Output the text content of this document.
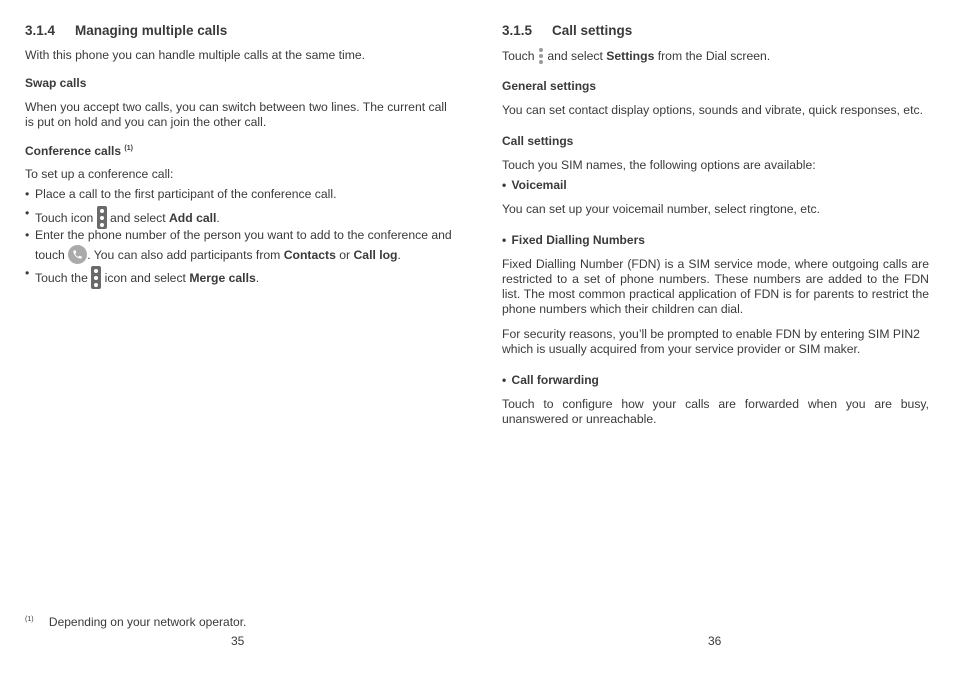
3.1.4 Managing multiple calls

With this phone you can handle multiple calls at the same time.

Swap calls

When you accept two calls, you can switch between two lines. The current call

is put on hold and you can join the other call.

Conference calls $^{(1)}$

To set up a conference call:

• Place a call to the first participant of the conference call.
• Touch icon and select Add call.
• Enter the phone number of the person you want to add to the conference and
touch . You can also add participants from Contacts or Call log.
• Touch the icon and select Merge calls.
$^{(1)}$ Depending on your network operator.
35
3.1.5 Call settings

Touch and select Settings from the Dial screen.

General settings

You can set contact display options, sounds and vibrate, quick responses, etc.

Call settings

Touch you SIM names, the following options are available:

• Voicemail

You can set up your voicemail number, select ringtone, etc.

• Fixed Dialling Numbers

Fixed Dialling Number (FDN) is a SIM service mode, where outgoing calls are restricted to a set of phone numbers. These numbers are added to the FDN list. The most common practical application of FDN is for parents to restrict the phone numbers which their children can dial.

For security reasons, you’ll be prompted to enable FDN by entering SIM PIN2

which is usually acquired from your service provider or SIM maker.

• Call forwarding

Touch to configure how your calls are forwarded when you are busy, unanswered or unreachable.

36
